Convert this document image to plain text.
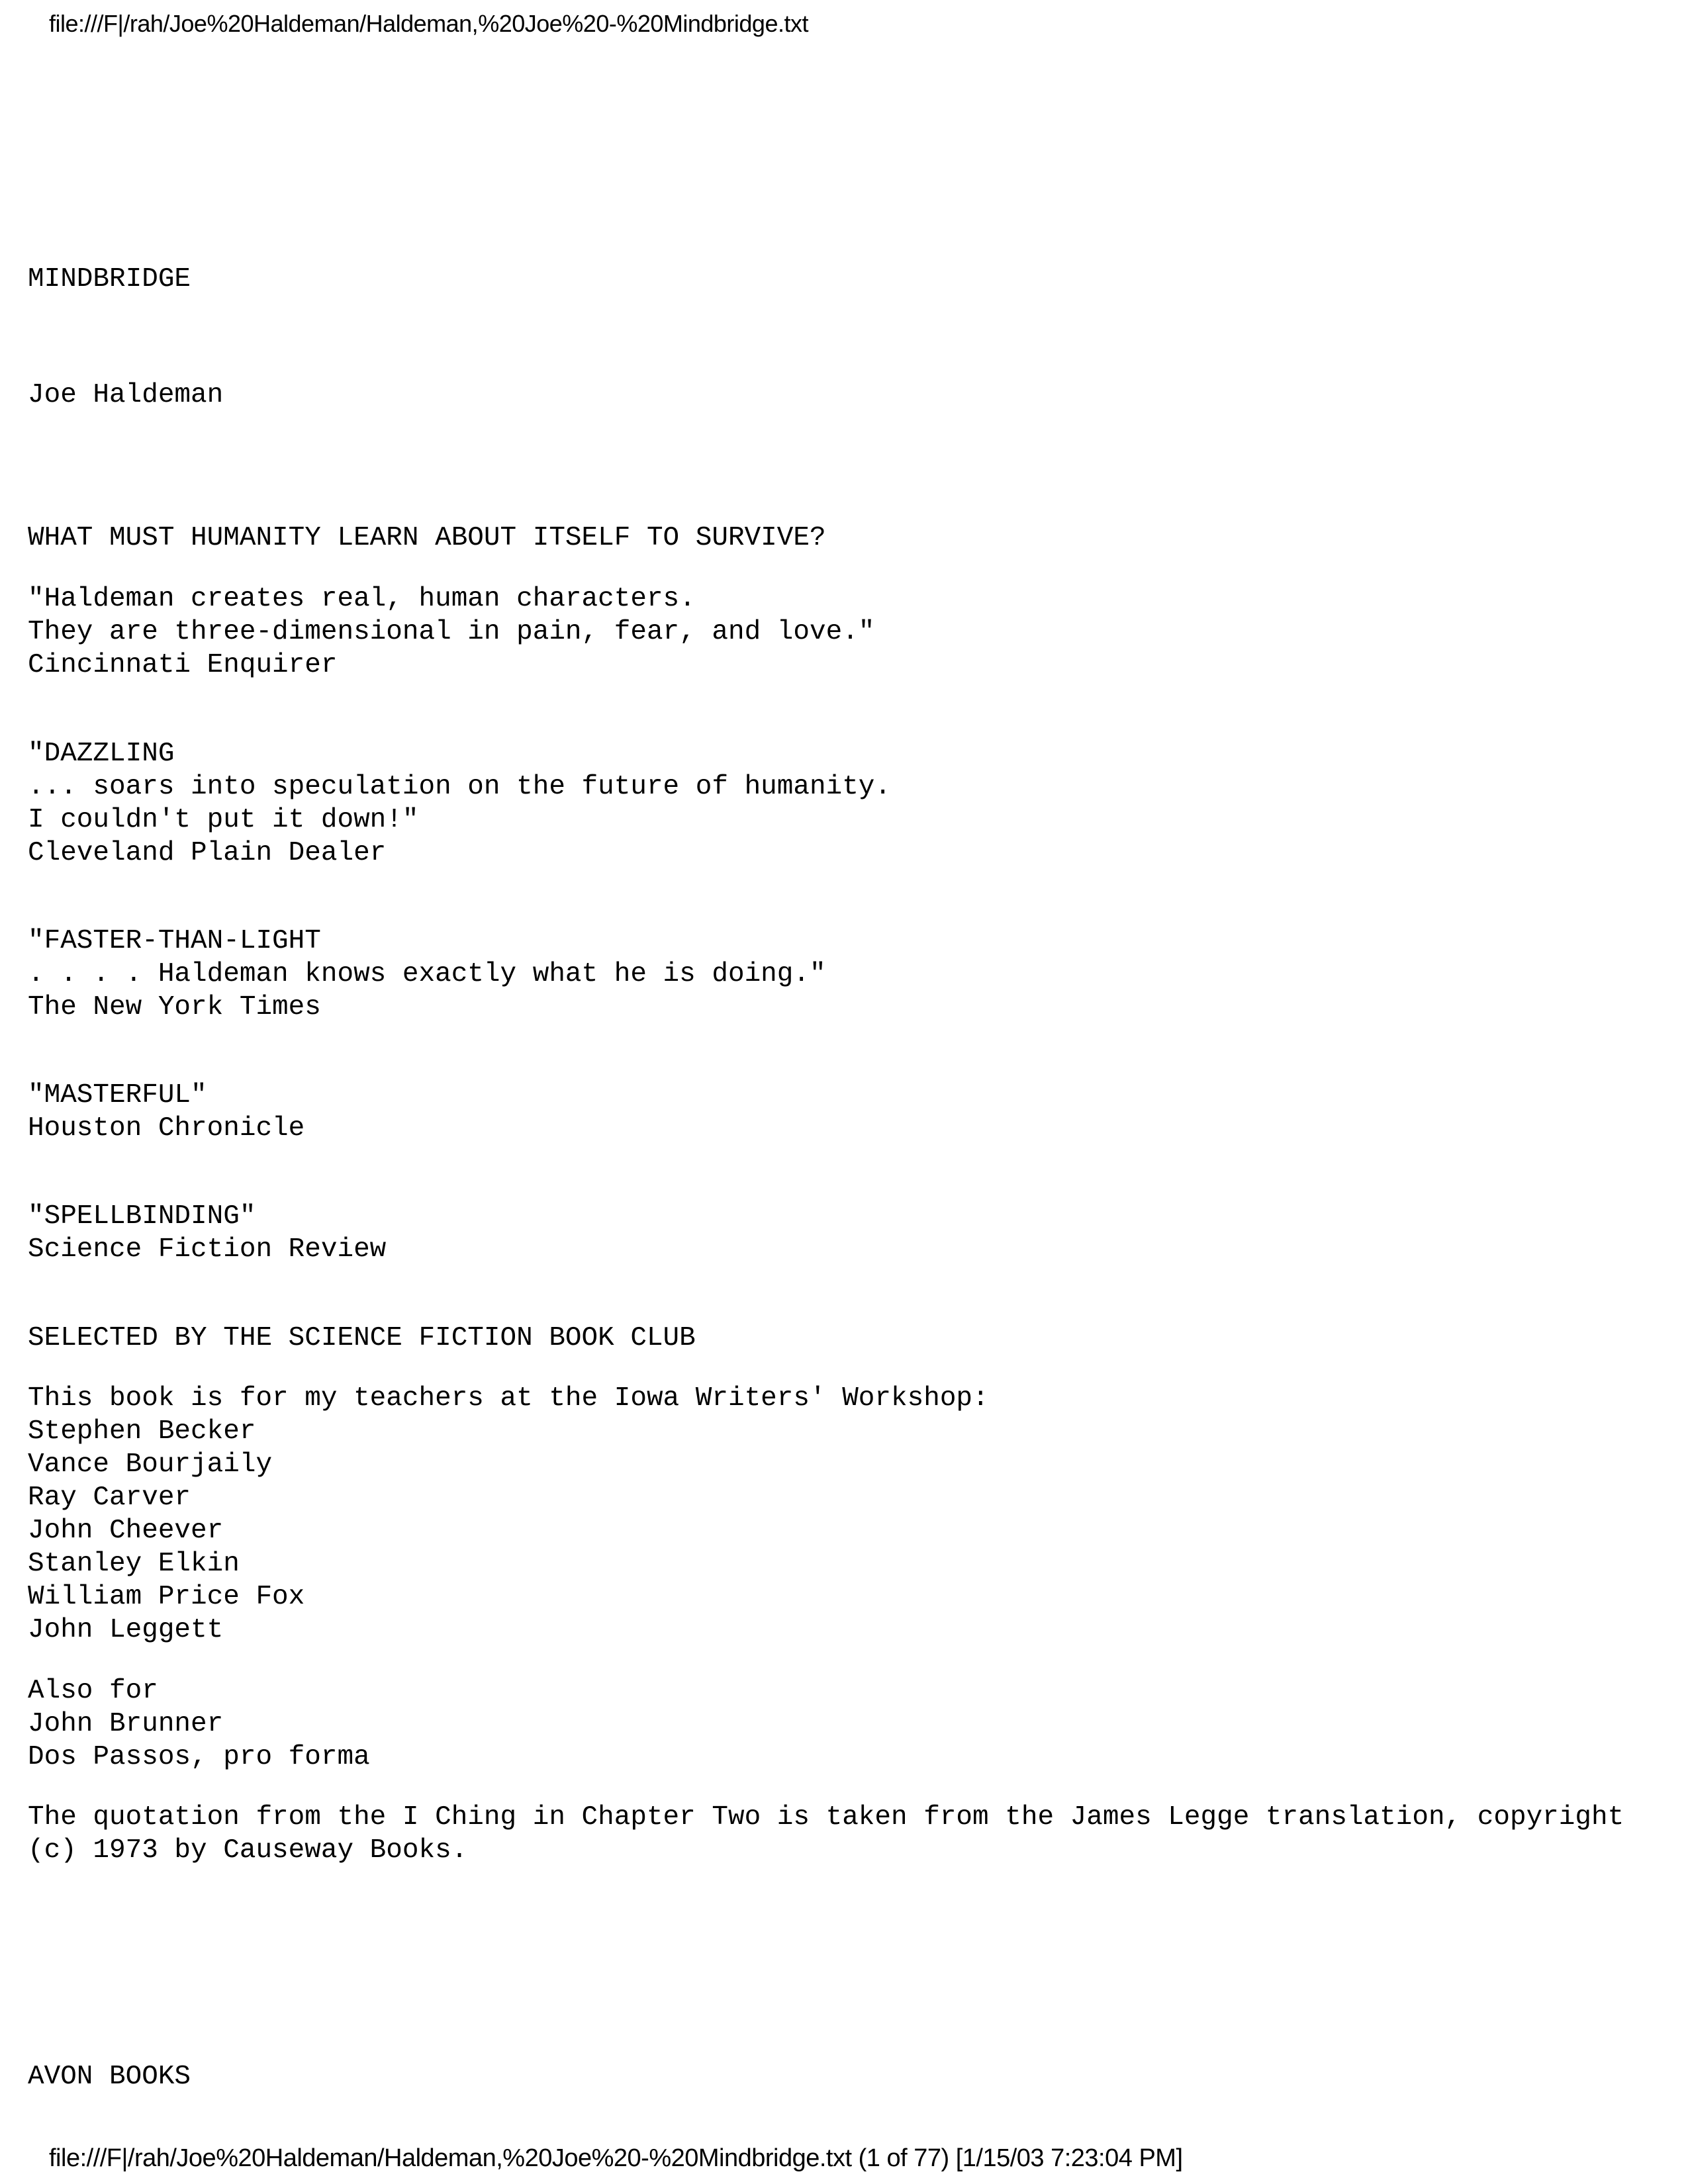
file:///F|/rah/Joe%20Haldeman/Haldeman,%20Joe%20-%20Mindbridge.txt
MINDBRIDGE
Joe Haldeman
WHAT MUST HUMANITY LEARN ABOUT ITSELF TO SURVIVE?
"Haldeman creates real, human characters.
They are three-dimensional in pain, fear, and love."
Cincinnati Enquirer
"DAZZLING
... soars into speculation on the future of humanity.
I couldn't put it down!"
Cleveland Plain Dealer
"FASTER-THAN-LIGHT
. . . . Haldeman knows exactly what he is doing."
The New York Times
"MASTERFUL"
Houston Chronicle
"SPELLBINDING"
Science Fiction Review
SELECTED BY THE SCIENCE FICTION BOOK CLUB
This book is for my teachers at the Iowa Writers' Workshop:
Stephen Becker
Vance Bourjaily
Ray Carver
John Cheever
Stanley Elkin
William Price Fox
John Leggett
Also for
John Brunner
Dos Passos, pro forma
The quotation from the I Ching in Chapter Two is taken from the James Legge translation, copyright
(c) 1973 by Causeway Books.
AVON BOOKS
file:///F|/rah/Joe%20Haldeman/Haldeman,%20Joe%20-%20Mindbridge.txt (1 of 77) [1/15/03 7:23:04 PM]
